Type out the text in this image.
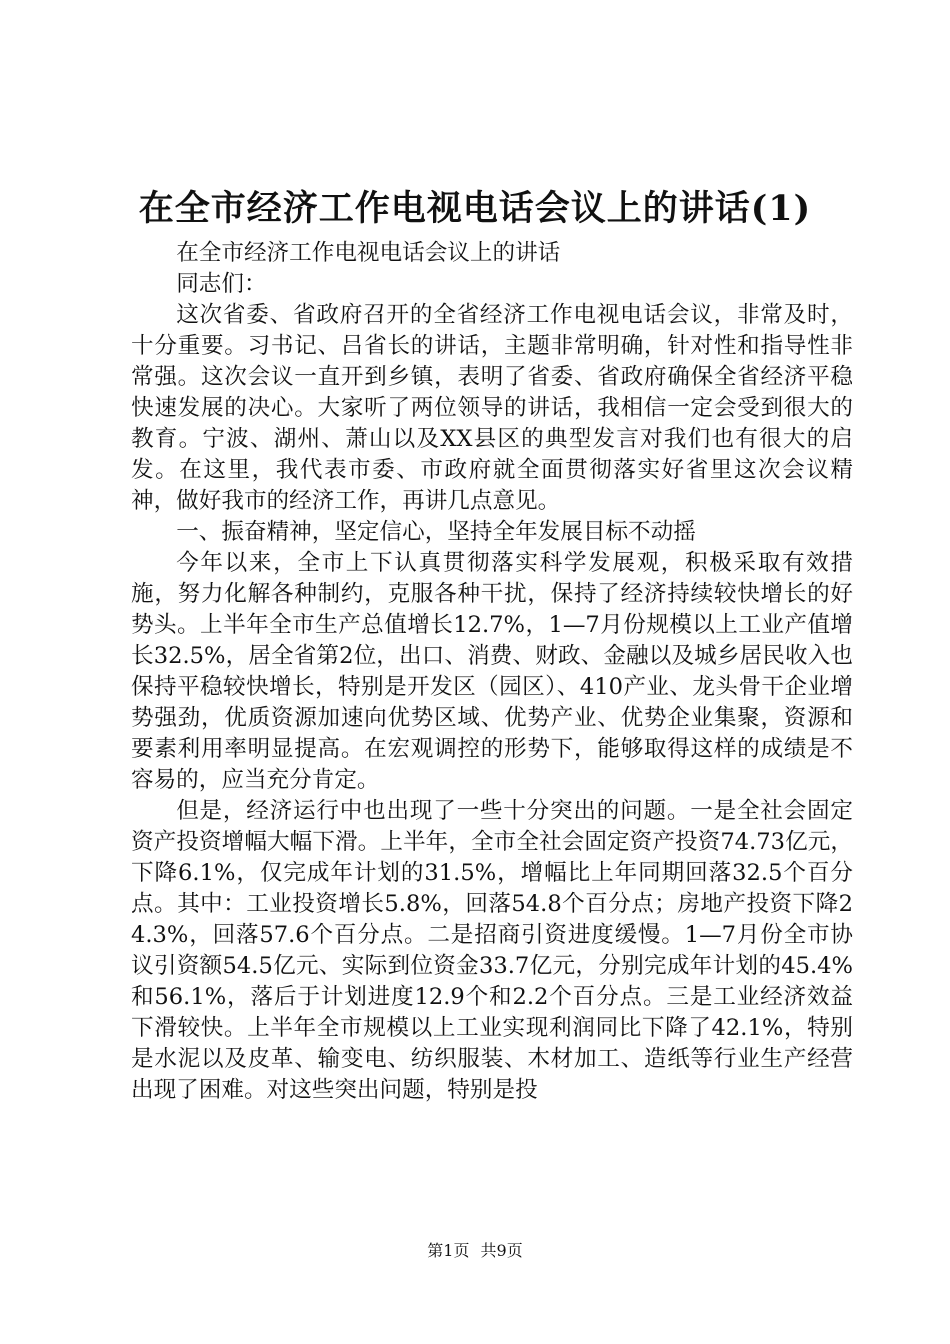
在全市经济工作电视电话会议上的讲话(1)

在全市经济工作电视电话会议上的讲话

同志们：

这次省委、省政府召开的全省经济工作电视电话会议，非常及时，十分重要。习书记、吕省长的讲话，主题非常明确，针对性和指导性非常强。这次会议一直开到乡镇，表明了省委、省政府确保全省经济平稳快速发展的决心。大家听了两位领导的讲话，我相信一定会受到很大的教育。宁波、湖州、萧山以及XX县区的典型发言对我们也有很大的启发。在这里，我代表市委、市政府就全面贯彻落实好省里这次会议精神，做好我市的经济工作，再讲几点意见。

一、振奋精神，坚定信心，坚持全年发展目标不动摇

今年以来，全市上下认真贯彻落实科学发展观，积极采取有效措施，努力化解各种制约，克服各种干扰，保持了经济持续较快增长的好势头。上半年全市生产总值增长12.7%，1—7月份规模以上工业产值增长32.5%，居全省第2位，出口、消费、财政、金融以及城乡居民收入也保持平稳较快增长，特别是开发区（园区）、410产业、龙头骨干企业增势强劲，优质资源加速向优势区域、优势产业、优势企业集聚，资源和要素利用率明显提高。在宏观调控的形势下，能够取得这样的成绩是不容易的，应当充分肯定。

但是，经济运行中也出现了一些十分突出的问题。一是全社会固定资产投资增幅大幅下滑。上半年，全市全社会固定资产投资74.73亿元，下降6.1%，仅完成年计划的31.5%，增幅比上年同期回落32.5个百分点。其中：工业投资增长5.8%，回落54.8个百分点；房地产投资下降24.3%，回落57.6个百分点。二是招商引资进度缓慢。1—7月份全市协议引资额54.5亿元、实际到位资金33.7亿元，分别完成年计划的45.4%和56.1%，落后于计划进度12.9个和2.2个百分点。三是工业经济效益下滑较快。上半年全市规模以上工业实现利润同比下降了42.1%，特别是水泥以及皮革、输变电、纺织服装、木材加工、造纸等行业生产经营出现了困难。对这些突出问题，特别是投

第1页 共9页
